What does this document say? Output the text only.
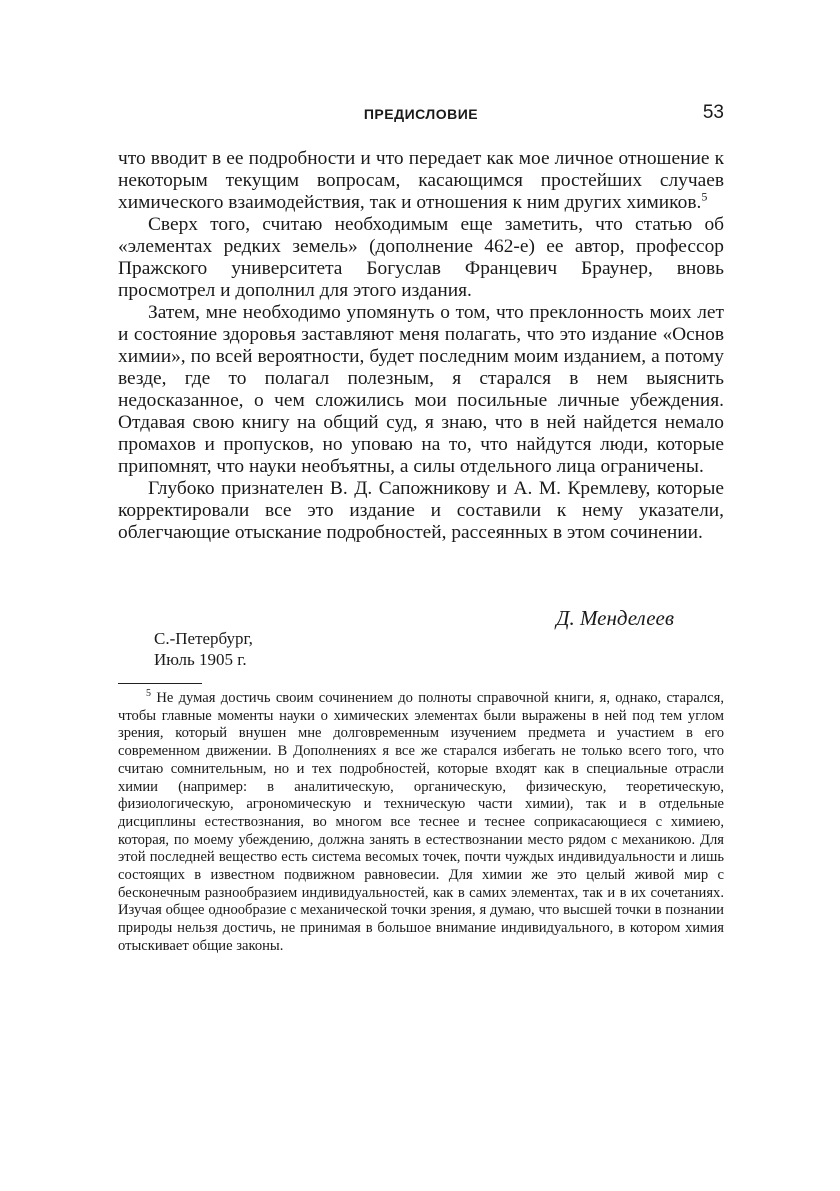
ПРЕДИСЛОВИЕ	53

что вводит в ее подробности и что передает как мое личное отношение к некоторым текущим вопросам, касающимся простейших случаев химического взаимодействия, так и отношения к ним других химиков.$^5$

Сверх того, считаю необходимым еще заметить, что статью об «элементах редких земель» (дополнение 462-е) ее автор, профессор Пражского университета Богуслав Францевич Браунер, вновь просмотрел и дополнил для этого издания.

Затем, мне необходимо упомянуть о том, что преклонность моих лет и состояние здоровья заставляют меня полагать, что это издание «Основ химии», по всей вероятности, будет последним моим изданием, а потому везде, где то полагал полезным, я старался в нем выяснить недосказанное, о чем сложились мои посильные личные убеждения. Отдавая свою книгу на общий суд, я знаю, что в ней найдется немало промахов и пропусков, но уповаю на то, что найдутся люди, которые припомнят, что науки необъятны, а силы отдельного лица ограничены.

Глубоко признателен В. Д. Сапожникову и А. М. Кремлеву, которые корректировали все это издание и составили к нему указатели, облегчающие отыскание подробностей, рассеянных в этом сочинении.

Д. Менделеев
С.-Петербург,
Июль 1905 г.
$^5$ Не думая достичь своим сочинением до полноты справочной книги, я, однако, старался, чтобы главные моменты науки о химических элементах были выражены в ней под тем углом зрения, который внушен мне долговременным изучением предмета и участием в его современном движении. В Дополнениях я все же старался избегать не только всего того, что считаю сомнительным, но и тех подробностей, которые входят как в специальные отрасли химии (например: в аналитическую, органическую, физическую, теоретическую, физиологическую, агрономическую и техническую части химии), так и в отдельные дисциплины естествознания, во многом все теснее и теснее соприкасающиеся с химиею, которая, по моему убеждению, должна занять в естествознании место рядом с механикою. Для этой последней вещество есть система весомых точек, почти чуждых индивидуальности и лишь состоящих в известном подвижном равновесии. Для химии же это целый живой мир с бесконечным разнообразием индивидуальностей, как в самих элементах, так и в их сочетаниях. Изучая общее однообразие с механической точки зрения, я думаю, что высшей точки в познании природы нельзя достичь, не принимая в большое внимание индивидуального, в котором химия отыскивает общие законы.
